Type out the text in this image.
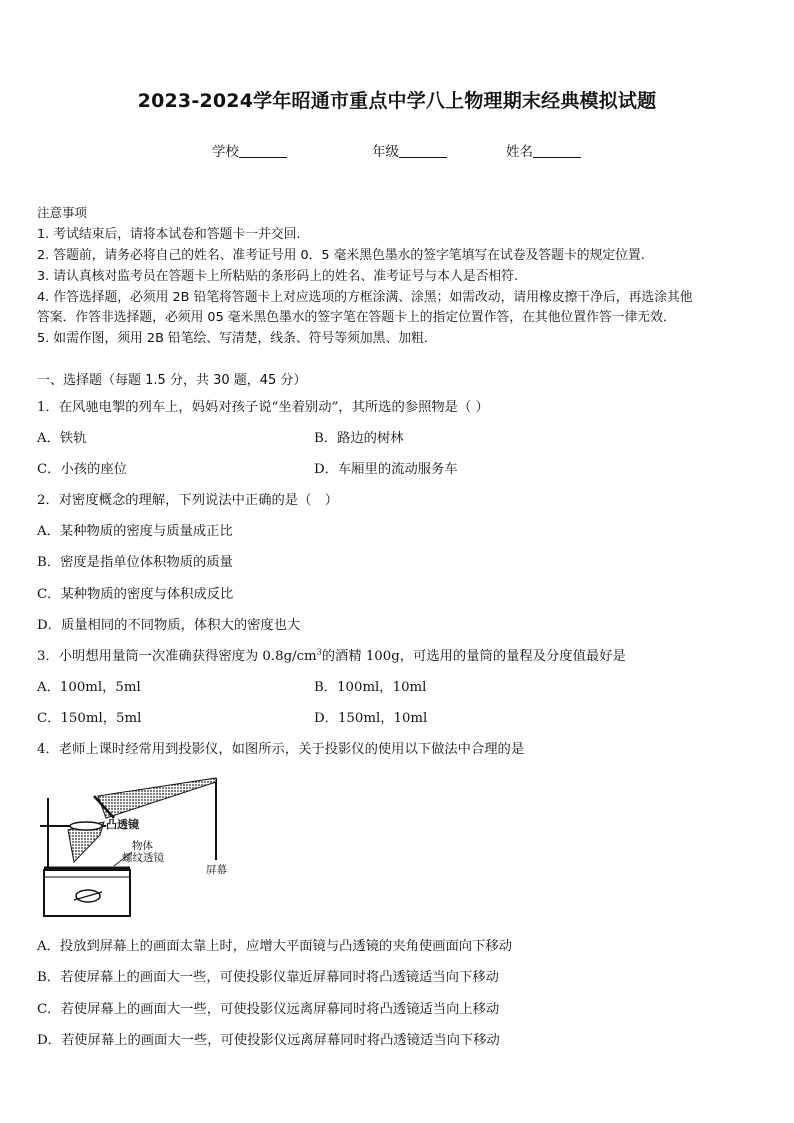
2023-2024学年昭通市重点中学八上物理期末经典模拟试题
学校	年级	姓名
注意事项
1. 考试结束后，请将本试卷和答题卡一并交回.
2. 答题前，请务必将自己的姓名、准考证号用 0．5 毫米黑色墨水的签字笔填写在试卷及答题卡的规定位置.
3. 请认真核对监考员在答题卡上所粘贴的条形码上的姓名、准考证号与本人是否相符.
4. 作答选择题，必须用 2B 铅笔将答题卡上对应选项的方框涂满、涂黑；如需改动，请用橡皮擦干净后，再选涂其他
答案．作答非选择题，必须用 05 毫米黑色墨水的签字笔在答题卡上的指定位置作答，在其他位置作答一律无效．
5. 如需作图，须用 2B 铅笔绘、写清楚，线条、符号等须加黑、加粗．
一、选择题（每题 1.5 分，共 30 题，45 分）
1．在风驰电掣的列车上，妈妈对孩子说“坐着别动”，其所选的参照物是（ ）
A．铁轨	B．路边的树林
C．小孩的座位	D．车厢里的流动服务车
2．对密度概念的理解，下列说法中正确的是（　）
A．某种物质的密度与质量成正比
B．密度是指单位体积物质的质量
C．某种物质的密度与体积成反比
D．质量相同的不同物质，体积大的密度也大
3．小明想用量筒一次准确获得密度为 $0.8g/cm^3$的酒精 100g，可选用的量筒的量程及分度值最好是
A．100ml，5ml	B．100ml，10ml
C．150ml，5ml	D．150ml，10ml
4．老师上课时经常用到投影仪，如图所示，关于投影仪的使用以下做法中合理的是
凸透镜
物体
螺纹透镜
屏幕
A．投放到屏幕上的画面太靠上时，应增大平面镜与凸透镜的夹角使画面向下移动
B．若使屏幕上的画面大一些，可使投影仪靠近屏幕同时将凸透镜适当向下移动
C．若使屏幕上的画面大一些，可使投影仪远离屏幕同时将凸透镜适当向上移动
D．若使屏幕上的画面大一些，可使投影仪远离屏幕同时将凸透镜适当向下移动
